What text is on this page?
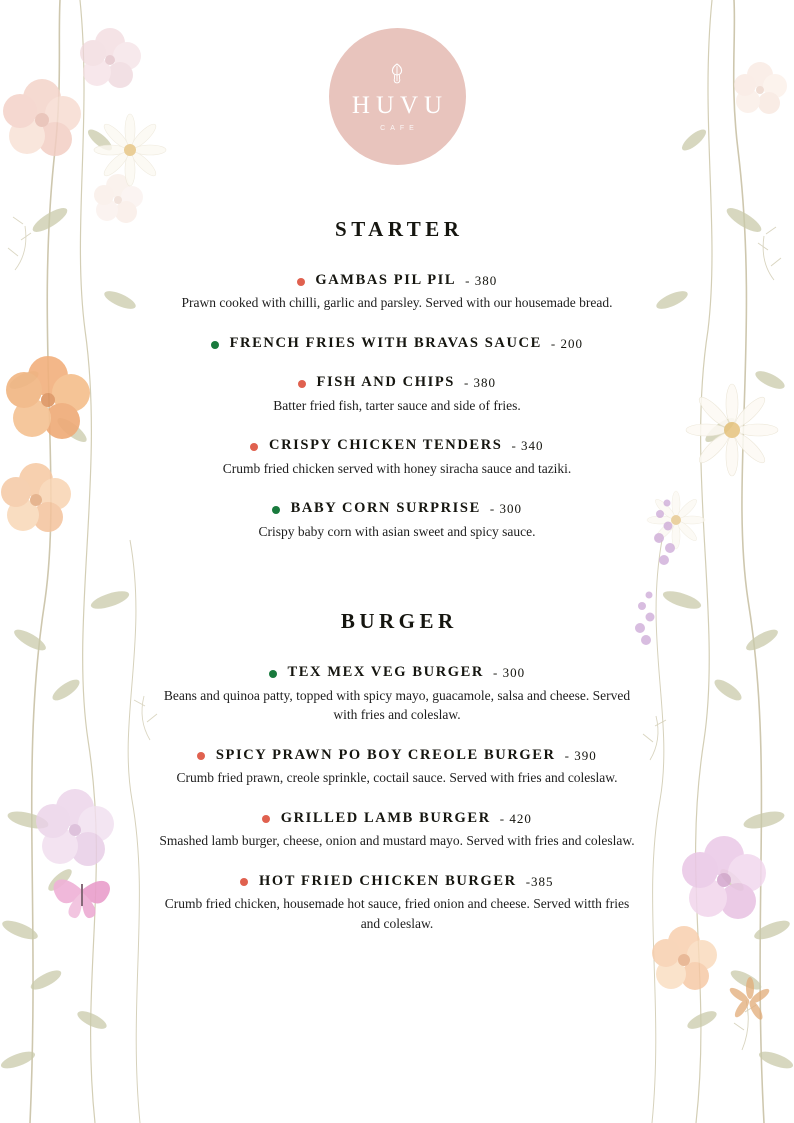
HUVU
CAFE
STARTER
GAMBAS PIL PIL - 380
Prawn cooked with chilli, garlic and parsley. Served with our housemade bread.
FRENCH FRIES WITH BRAVAS SAUCE - 200
FISH AND CHIPS - 380
Batter fried fish, tarter sauce and side of fries.
CRISPY CHICKEN TENDERS - 340
Crumb fried chicken served with honey siracha sauce and taziki.
BABY CORN SURPRISE - 300
Crispy baby corn with asian sweet and spicy sauce.
BURGER
TEX MEX VEG BURGER - 300
Beans and quinoa patty, topped with spicy mayo, guacamole, salsa and cheese. Served with fries and coleslaw.
SPICY PRAWN PO BOY CREOLE BURGER - 390
Crumb fried prawn, creole sprinkle, coctail sauce. Served with fries and coleslaw.
GRILLED LAMB BURGER - 420
Smashed lamb burger, cheese, onion and mustard mayo. Served with fries and coleslaw.
HOT FRIED CHICKEN BURGER -385
Crumb fried chicken, housemade hot sauce, fried onion and cheese. Served witth fries and coleslaw.
